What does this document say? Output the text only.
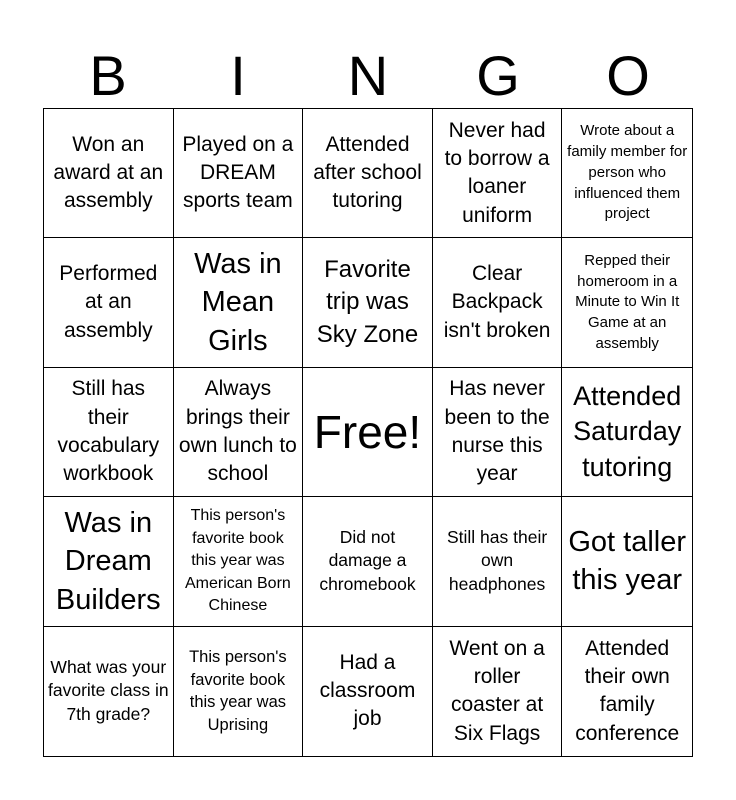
B	I	N	G	O
Won an award at an assembly
Played on a DREAM sports team
Attended after school tutoring
Never had to borrow a loaner uniform
Wrote about a family member for person who influenced them project
Performed at an assembly
Was in Mean Girls
Favorite trip was Sky Zone
Clear Backpack isn't broken
Repped their homeroom in a Minute to Win It Game at an assembly
Still has their vocabulary workbook
Always brings their own lunch to school
Free!
Has never been to the nurse this year
Attended Saturday tutoring
Was in Dream Builders
This person's favorite book this year was American Born Chinese
Did not damage a chromebook
Still has their own headphones
Got taller this year
What was your favorite class in 7th grade?
This person's favorite book this year was Uprising
Had a classroom job
Went on a roller coaster at Six Flags
Attended their own family conference
